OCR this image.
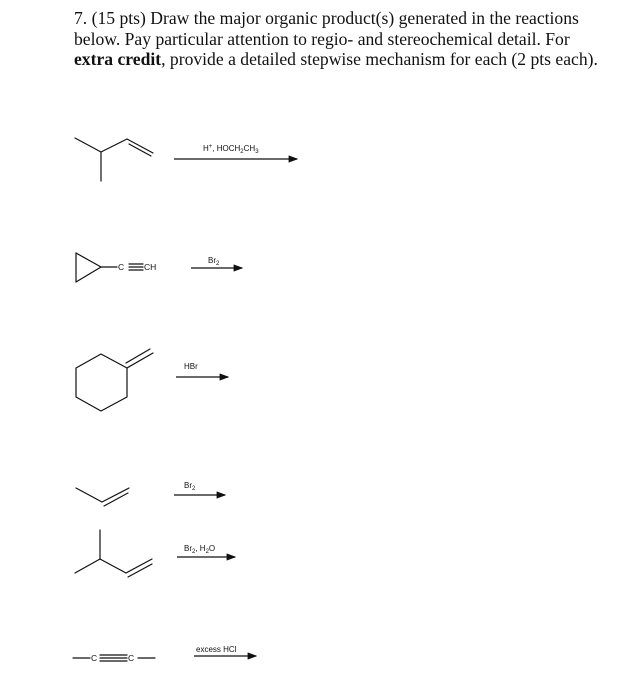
7. (15 pts) Draw the major organic product(s) generated in the reactions below. Pay particular attention to regio- and stereochemical detail. For extra credit, provide a detailed stepwise mechanism for each (2 pts each).
H+, $HOCH_2CH_3$
C CH
$Br_2$
HBr
$Br_2$
$Br_2$, $H_2O$
C	C
excess HCl
